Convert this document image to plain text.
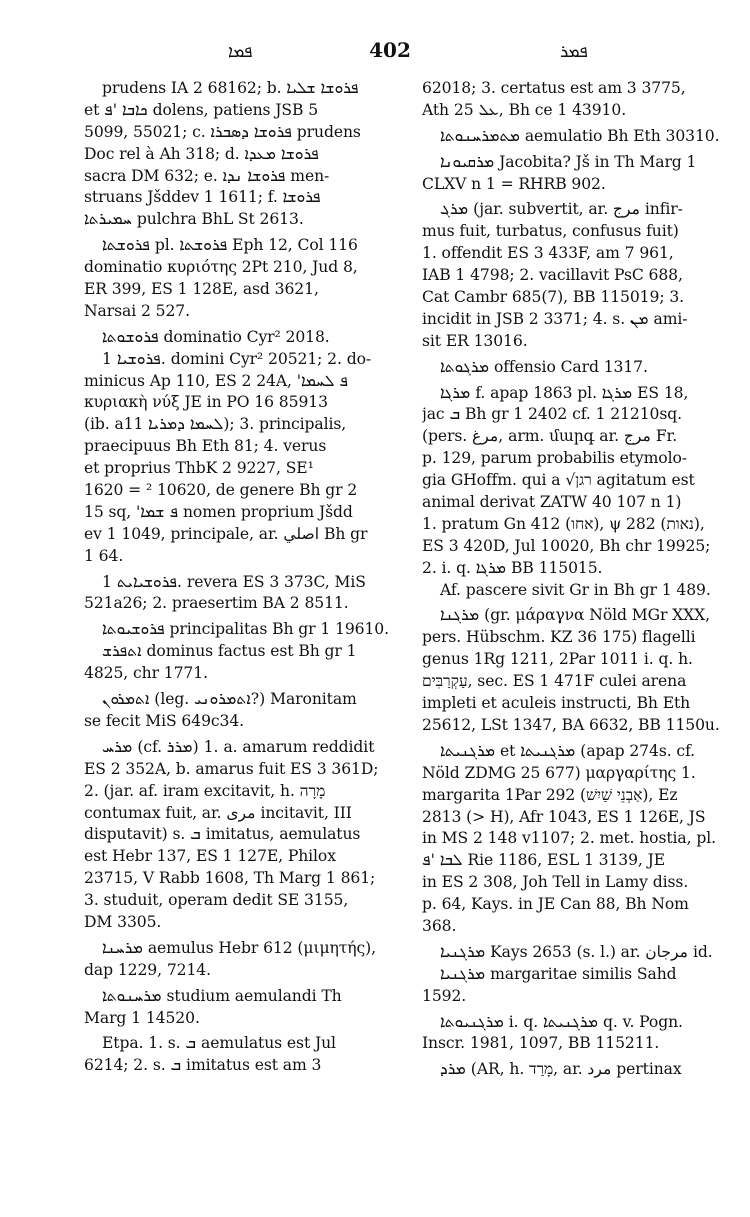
ܦܡܐ	402	ܦܡܪ
prudens IA 2 68162; b. ܦܪܘܫܐ ܫܠܝܐ
et ܟܐܒܐ 'ܦ dolens, patiens JSB 5
5099, 55021; c. ܦܪܘܫܐ ܕܣܒܪܐ prudens
Doc rel à Ah 318; d. ܦܪܘܫܐ ܡܥܕܐ
sacra DM 632; e. ܦܪܘܫܐ ܢܕܐ men-
struans Jšddev 1 1611; f. ܦܪܘܫܐ
ܚܡܝܪܬܐ pulchra BhL St 2613.
ܦܪܘܫܬܐ pl. ܦܪܘܫܬܐ Eph 12, Col 116
dominatio κυριότης 2Pt 210, Jud 8,
ER 399, ES 1 128E, asd 3621,
Narsai 2 527.
ܦܪܘܫܘܬܐ dominatio Cyr² 2018.
ܦܪܘܫܝܐ 1. domini Cyr² 20521; 2. do-
minicus Ap 110, ES 2 24A, 'ܦ ܠܚܡܐ
κυριακὴ νύξ JE in PO 16 85913
(ib. a11 ܠܚܡܐ ܕܡܪܝܐ); 3. principalis,
praecipuus Bh Eth 81; 4. verus
et proprius ThbK 2 9227, SE¹
1620 = ² 10620, de genere Bh gr 2
15 sq, 'ܦ ܫܡܐ nomen proprium Jšdd
ev 1 1049, principale, ar. اصلي Bh gr
1 64.
ܦܪܘܫܝܐܝܬ 1. revera ES 3 373C, MiS
521a26; 2. praesertim BA 2 8511.
ܦܪܘܫܝܘܬܐ principalitas Bh gr 1 19610.
ܐܬܦܪܫ dominus factus est Bh gr 1
4825, chr 1771.
ܐܬܡܪܘܢ (leg. ܐܬܡܪܘܢܝ?) Maronitam
se fecit MiS 649c34.
ܡܪܚ (cf. ܡܪܪ) 1. a. amarum reddidit
ES 2 352A, b. amarus fuit ES 3 361D;
2. (jar. af. iram excitavit, h. מָרָה
contumax fuit, ar. مرى incitavit, III
disputavit) s. ܒ imitatus, aemulatus
est Hebr 137, ES 1 127E, Philox
23715, V Rabb 1608, Th Marg 1 861;
3. studuit, operam dedit SE 3155,
DM 3305.
ܡܪܚܢܐ aemulus Hebr 612 (μιμητής),
dap 1229, 7214.
ܡܪܚܢܘܬܐ studium aemulandi Th
Marg 1 14520.
Etpa. 1. s. ܒ aemulatus est Jul
6214; 2. s. ܒ imitatus est am 3
62018; 3. certatus est am 3 3775,
Ath ܥܠ 25, Bh ce 1 43910.
ܡܬܡܪܚܢܘܬܐ aemulatio Bh Eth 30310.
ܡܪܩܝܘܢܐ Jacobita? Jš in Th Marg 1
CLXV n 1 = RHRB 902.
ܡܪܓ (jar. subvertit, ar. مرج infir-
mus fuit, turbatus, confusus fuit)
1. offendit ES 3 433F, am 7 961,
IAB 1 4798; 2. vacillavit PsC 688,
Cat Cambr 685(7), BB 115019; 3.
incidit in JSB 2 3371; 4. s. ܡܢ ami-
sit ER 13016.
ܡܪܓܘܬܐ offensio Card 1317.
ܡܪܓܐ f. apap 1863 pl. ܡܪܓܐ ES 18,
jac ܒ Bh gr 1 2402 cf. 1 21210sq.
(pers. مرغ, arm. մարգ ar. مرج Fr.
p. 129, parum probabilis etymolo-
gia GHoffm. qui a √רגן agitatum est
animal derivat ZATW 40 107 n 1)
1. pratum Gn 412 (אחו), ψ 282 (נאות),
ES 3 420D, Jul 10020, Bh chr 19925;
2. i. q. ܡܪܓܐ BB 115015.
Af. pascere sivit Gr in Bh gr 1 489.
ܡܪܓܢܐ (gr. μάραγνα Nöld MGr XXX,
pers. Hübschm. KZ 36 175) flagelli
genus 1Rg 1211, 2Par 1011 i. q. h.
עַקְרַבִּים, sec. ES 1 471F culei arena
impleti et aculeis instructi, Bh Eth
25612, LSt 1347, BA 6632, BB 1150u.
ܡܪܓܢܝܬܐ et ܡܪܓܢܝܬܐ (apap 274s. cf.
Nöld ZDMG 25 677) μαργαρίτης 1.
margarita 1Par 292 (אַבְנֵי שַׁיִשׁ), Ez
2813 (> H), Afr 1043, ES 1 126E, JS
in MS 2 148 v1107; 2. met. hostia, pl.
ܠܒܐ 'ܦ Rie 1186, ESL 1 3139, JE
in ES 2 308, Joh Tell in Lamy diss.
p. 64, Kays. in JE Can 88, Bh Nom
368.
ܡܪܓܢܝܐ Kays 2653 (s. l.) ar. مرجان id.
ܡܪܓܢܝܐ margaritae similis Sahd
1592.
ܡܪܓܢܝܘܬܐ i. q. ܡܪܓܢܝܬܐ q. v. Pogn.
Inscr. 1981, 1097, BB 115211.
ܡܪܕ (AR, h. מָרַד, ar. مرد pertinax
